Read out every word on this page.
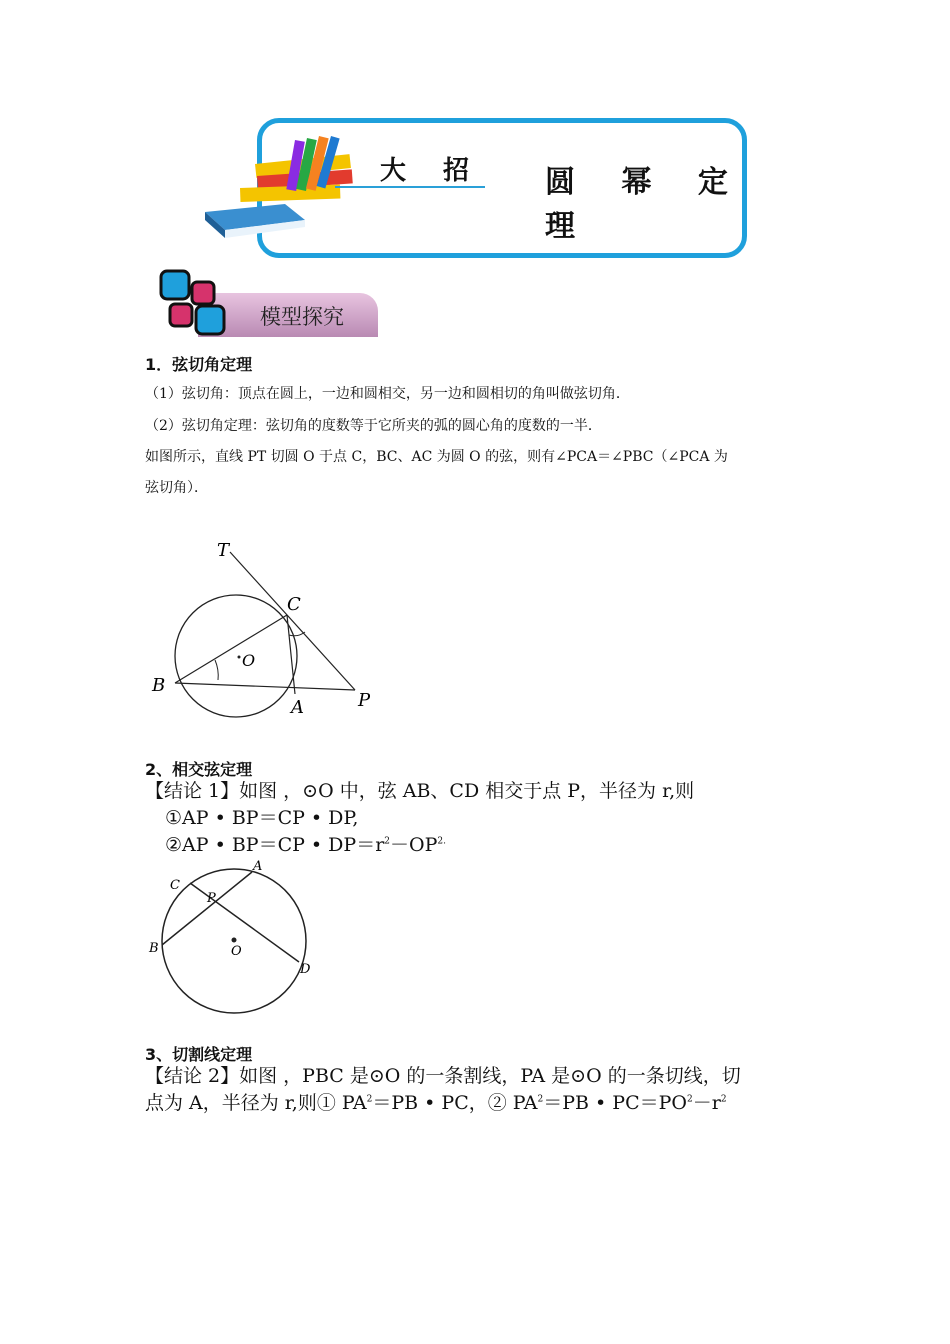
大 招 圆 幂 定 理
模型探究
1．弦切角定理
（1）弦切角：顶点在圆上，一边和圆相交，另一边和圆相切的角叫做弦切角．
（2）弦切角定理：弦切角的度数等于它所夹的弧的圆心角的度数的一半．
如图所示，直线 PT 切圆 O 于点 C，BC、AC 为圆 O 的弦，则有∠PCA＝∠PBC（∠PCA 为
弦切角）．
T
C
O
B
A	P
2、相交弦定理
【结论 1】如图 ，⊙O 中，弦 AB、CD 相交于点 P，半径为 r,则
①AP • BP＝CP • DP,
②AP • BP＝CP • $DP=r^2-OP^{2.}$
A
C
P
B	O
D
3、切割线定理
【结论 2】如图 ，PBC 是⊙O 的一条割线，PA 是⊙O 的一条切线，切
点为 A，半径为 r,则① $PA^2=PB$ • PC，② $PA^2=PB$ • $PC=PO^2-r^2$
